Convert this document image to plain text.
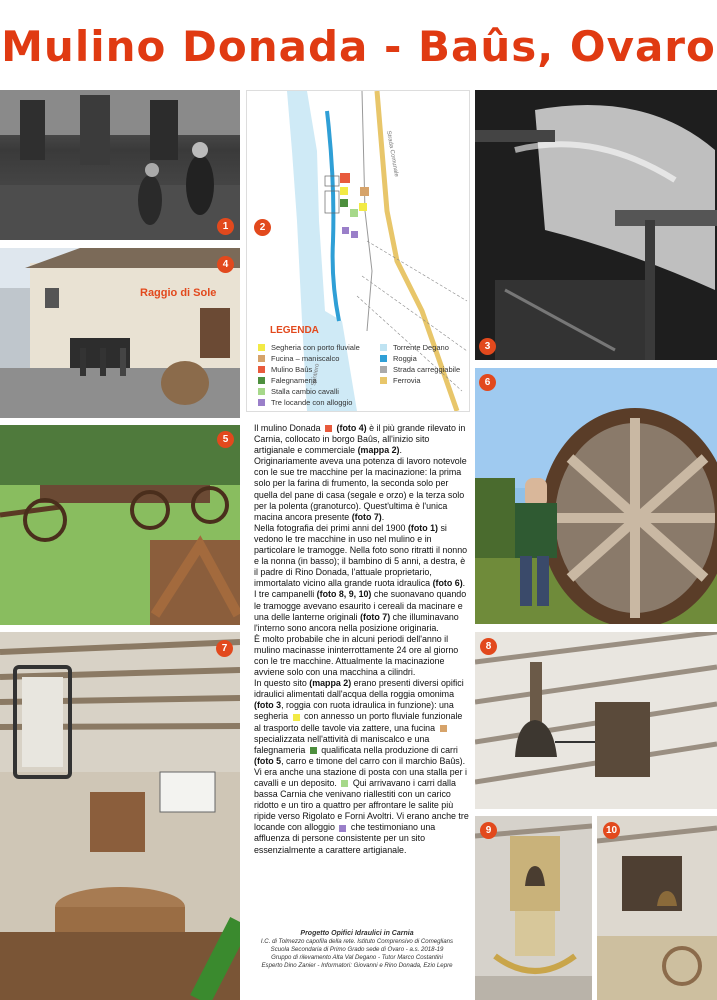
Mulino Donada - Baûs, Ovaro
1
Strada Comunale
Sentiero
2
LEGENDA
Segheria con porto fluviale
Fucina – maniscalco
Mulino Baûs
Falegnameria
Stalla cambio cavalli
Tre locande con alloggio
Torrente Degano
Roggia
Strada carreggiabile
Ferrovia
3
Raggio di Sole
4
5
Il mulino Donada (foto 4) è il più grande rilevato in Carnia, collocato in borgo Baûs, all'inizio sito artigianale e commerciale (mappa 2).
Originariamente aveva una potenza di lavoro notevole con le sue tre macchine per la macinazione: la prima solo per la farina di frumento, la seconda solo per quella del pane di casa (segale e orzo) e la terza solo per la polenta (granoturco). Quest'ultima è l'unica macina ancora presente (foto 7).
Nella fotografia dei primi anni del 1900 (foto 1) si vedono le tre macchine in uso nel mulino e in particolare le tramogge. Nella foto sono ritratti il nonno e la nonna (in basso); il bambino di 5 anni, a destra, è il padre di Rino Donada, l'attuale proprietario, immortalato vicino alla grande ruota idraulica (foto 6).
I tre campanelli (foto 8, 9, 10) che suonavano quando le tramogge avevano esaurito i cereali da macinare e una delle lanterne originali (foto 7) che illuminavano l'interno sono ancora nella posizione originaria.
È molto probabile che in alcuni periodi dell'anno il mulino macinasse ininterrottamente 24 ore al giorno con le tre macchine. Attualmente la macinazione avviene solo con una macchina a cilindri.
In questo sito (mappa 2) erano presenti diversi opifici idraulici alimentati dall'acqua della roggia omonima (foto 3, roggia con ruota idraulica in funzione): una segheria con annesso un porto fluviale funzionale al trasporto delle tavole via zattere, una fucina  specializzata nell'attività di maniscalco e una falegnameria qualificata nella produzione di carri (foto 5, carro e timone del carro con il marchio Baûs). Vi era anche una stazione di posta con una stalla per i cavalli e un deposito. Qui arrivavano i carri dalla bassa Carnia che venivano riallestiti con un carico ridotto e un tiro a quattro per affrontare le salite più ripide verso Rigolato e Forni Avoltri. Vi erano anche tre locande con alloggio che testimoniano una affluenza di persone consistente per un sito essenzialmente a carattere artigianale.
Progetto Opifici Idraulici in Carnia
I.C. di Tolmezzo capofila della rete. Istituto Comprensivo di Comeglians
Scuola Secondaria di Primo Grado sede di Ovaro - a.s. 2018-19
Gruppo di rilevamento Alta Val Degano - Tutor Marco Costantini
Esperto Dino Zanier - Informatori: Giovanni e Rino Donada, Ezio Lepre
6
7	8
9	10
